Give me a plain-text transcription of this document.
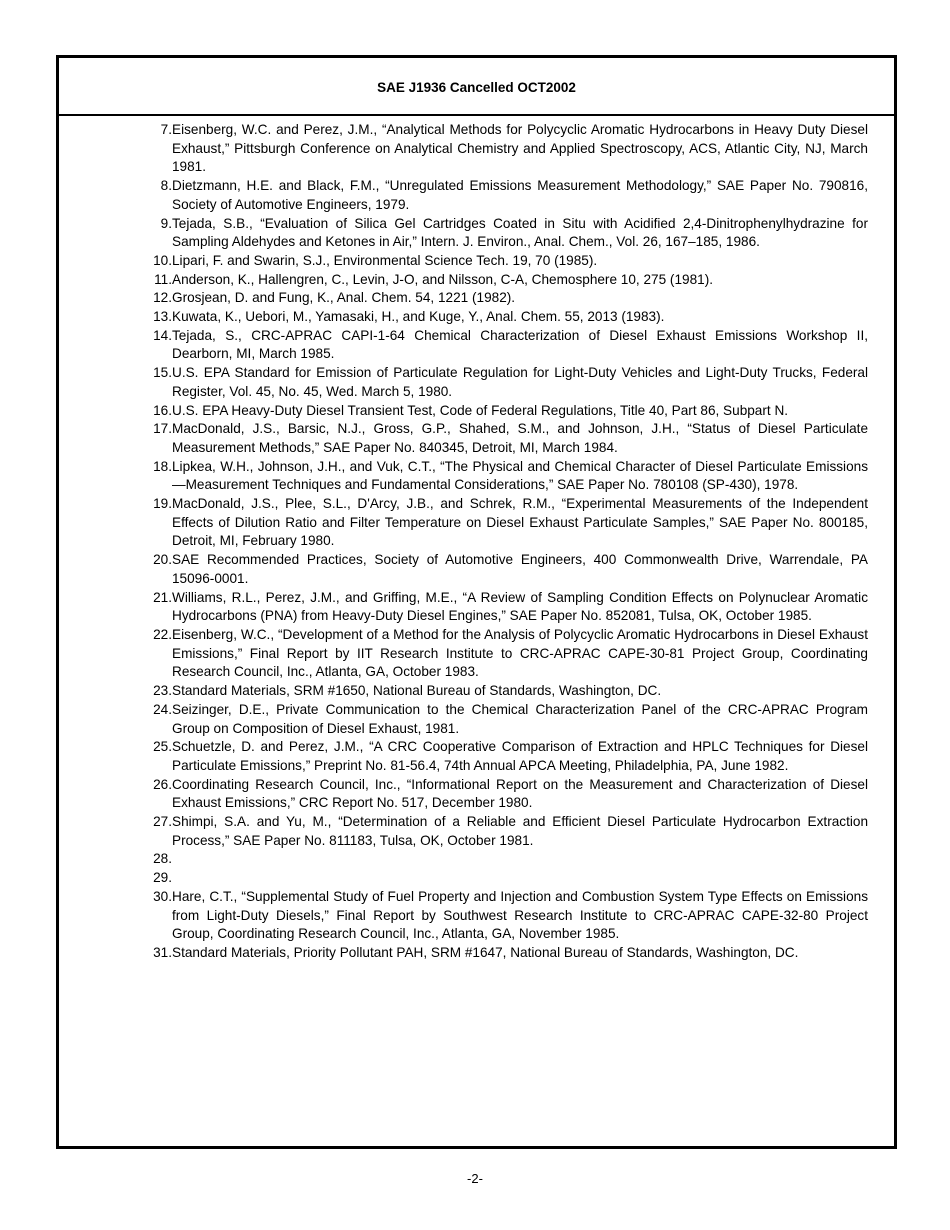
SAE J1936 Cancelled OCT2002
7. Eisenberg, W.C. and Perez, J.M., “Analytical Methods for Polycyclic Aromatic Hydrocarbons in Heavy Duty Diesel Exhaust,” Pittsburgh Conference on Analytical Chemistry and Applied Spectroscopy, ACS, Atlantic City, NJ, March 1981.
8. Dietzmann, H.E. and Black, F.M., “Unregulated Emissions Measurement Methodology,” SAE Paper No. 790816, Society of Automotive Engineers, 1979.
9. Tejada, S.B., “Evaluation of Silica Gel Cartridges Coated in Situ with Acidified 2,4-Dinitrophenylhydrazine for Sampling Aldehydes and Ketones in Air,” Intern. J. Environ., Anal. Chem., Vol. 26, 167–185, 1986.
10. Lipari, F. and Swarin, S.J., Environmental Science Tech. 19, 70 (1985).
11. Anderson, K., Hallengren, C., Levin, J-O, and Nilsson, C-A, Chemosphere 10, 275 (1981).
12. Grosjean, D. and Fung, K., Anal. Chem. 54, 1221 (1982).
13. Kuwata, K., Uebori, M., Yamasaki, H., and Kuge, Y., Anal. Chem. 55, 2013 (1983).
14. Tejada, S., CRC-APRAC CAPI-1-64 Chemical Characterization of Diesel Exhaust Emissions Workshop II, Dearborn, MI, March 1985.
15. U.S. EPA Standard for Emission of Particulate Regulation for Light-Duty Vehicles and Light-Duty Trucks, Federal Register, Vol. 45, No. 45, Wed. March 5, 1980.
16. U.S. EPA Heavy-Duty Diesel Transient Test, Code of Federal Regulations, Title 40, Part 86, Subpart N.
17. MacDonald, J.S., Barsic, N.J., Gross, G.P., Shahed, S.M., and Johnson, J.H., “Status of Diesel Particulate Measurement Methods,” SAE Paper No. 840345, Detroit, MI, March 1984.
18. Lipkea, W.H., Johnson, J.H., and Vuk, C.T., “The Physical and Chemical Character of Diesel Particulate Emissions—Measurement Techniques and Fundamental Considerations,” SAE Paper No. 780108 (SP-430), 1978.
19. MacDonald, J.S., Plee, S.L., D'Arcy, J.B., and Schrek, R.M., “Experimental Measurements of the Independent Effects of Dilution Ratio and Filter Temperature on Diesel Exhaust Particulate Samples,” SAE Paper No. 800185, Detroit, MI, February 1980.
20. SAE Recommended Practices, Society of Automotive Engineers, 400 Commonwealth Drive, Warrendale, PA 15096-0001.
21. Williams, R.L., Perez, J.M., and Griffing, M.E., “A Review of Sampling Condition Effects on Polynuclear Aromatic Hydrocarbons (PNA) from Heavy-Duty Diesel Engines,” SAE Paper No. 852081, Tulsa, OK, October 1985.
22. Eisenberg, W.C., “Development of a Method for the Analysis of Polycyclic Aromatic Hydrocarbons in Diesel Exhaust Emissions,” Final Report by IIT Research Institute to CRC-APRAC CAPE-30-81 Project Group, Coordinating Research Council, Inc., Atlanta, GA, October 1983.
23. Standard Materials, SRM #1650, National Bureau of Standards, Washington, DC.
24. Seizinger, D.E., Private Communication to the Chemical Characterization Panel of the CRC-APRAC Program Group on Composition of Diesel Exhaust, 1981.
25. Schuetzle, D. and Perez, J.M., “A CRC Cooperative Comparison of Extraction and HPLC Techniques for Diesel Particulate Emissions,” Preprint No. 81-56.4, 74th Annual APCA Meeting, Philadelphia, PA, June 1982.
26. Coordinating Research Council, Inc., “Informational Report on the Measurement and Characterization of Diesel Exhaust Emissions,” CRC Report No. 517, December 1980.
27. Shimpi, S.A. and Yu, M., “Determination of a Reliable and Efficient Diesel Particulate Hydrocarbon Extraction Process,” SAE Paper No. 811183, Tulsa, OK, October 1981.
28.
29.
30. Hare, C.T., “Supplemental Study of Fuel Property and Injection and Combustion System Type Effects on Emissions from Light-Duty Diesels,” Final Report by Southwest Research Institute to CRC-APRAC CAPE-32-80 Project Group, Coordinating Research Council, Inc., Atlanta, GA, November 1985.
31. Standard Materials, Priority Pollutant PAH, SRM #1647, National Bureau of Standards, Washington, DC.
-2-
